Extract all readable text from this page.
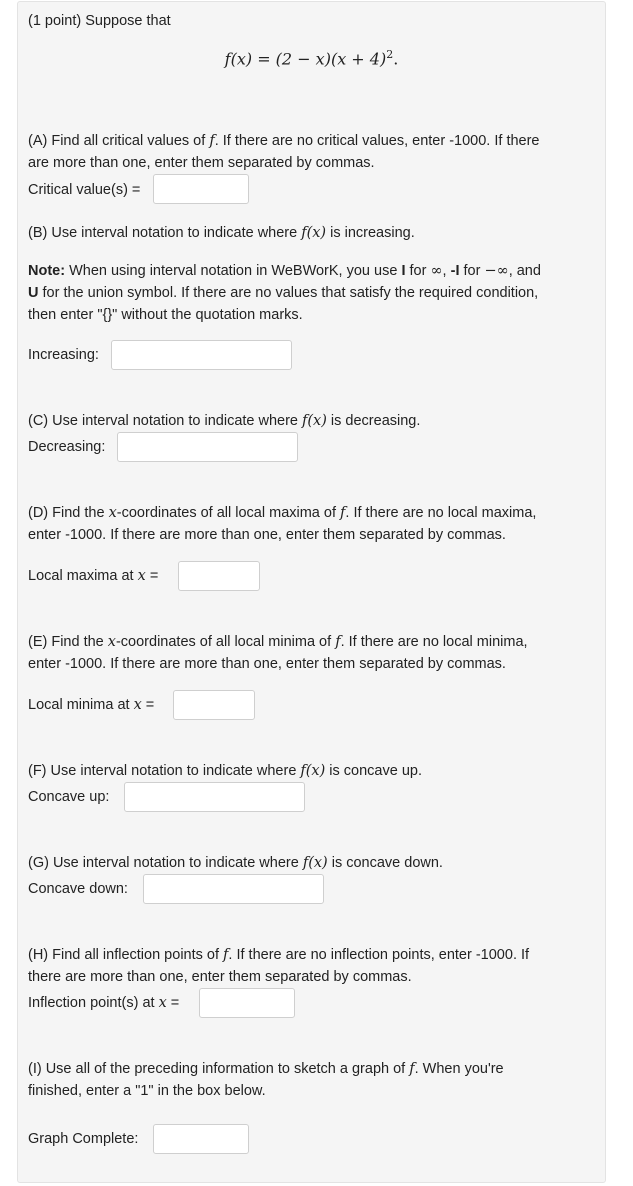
(1 point) Suppose that

$f(x) = (2 - x)(x + 4)^2$.

(A) Find all critical values of f. If there are no critical values, enter -1000. If there
are more than one, enter them separated by commas.

Critical value(s) =

(B) Use interval notation to indicate where f(x) is increasing.

Note: When using interval notation in WeBWorK, you use I for ∞, -I for −∞, and
U for the union symbol. If there are no values that satisfy the required condition,
then enter "{}" without the quotation marks.

Increasing:

(C) Use interval notation to indicate where f(x) is decreasing.

Decreasing:

(D) Find the x-coordinates of all local maxima of f. If there are no local maxima,
enter -1000. If there are more than one, enter them separated by commas.

Local maxima at x =

(E) Find the x-coordinates of all local minima of f. If there are no local minima,
enter -1000. If there are more than one, enter them separated by commas.

Local minima at x =

(F) Use interval notation to indicate where f(x) is concave up.

Concave up:

(G) Use interval notation to indicate where f(x) is concave down.

Concave down:

(H) Find all inflection points of f. If there are no inflection points, enter -1000. If
there are more than one, enter them separated by commas.

Inflection point(s) at x =

(I) Use all of the preceding information to sketch a graph of f. When you're
finished, enter a "1" in the box below.

Graph Complete:
